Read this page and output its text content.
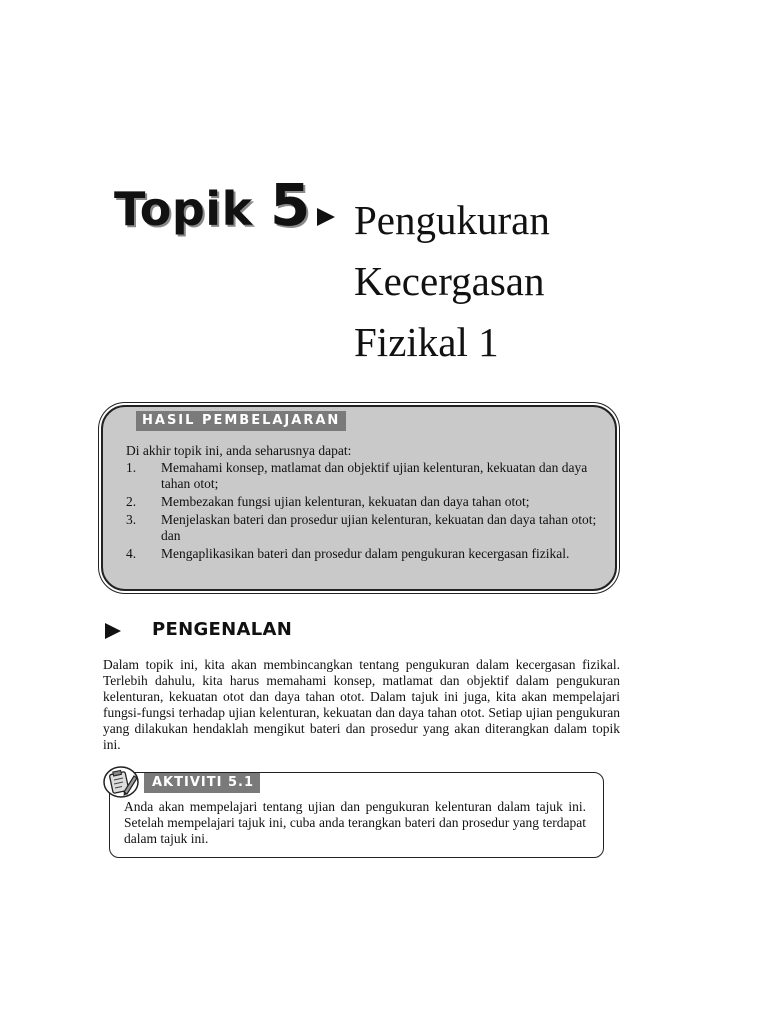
Topik 5 Pengukuran
Kecergasan
Fizikal 1
HASIL PEMBELAJARAN
Di akhir topik ini, anda seharusnya dapat:
1.	Memahami konsep, matlamat dan objektif ujian kelenturan, kekuatan dan daya tahan otot;
2.	Membezakan fungsi ujian kelenturan, kekuatan dan daya tahan otot;
3.	Menjelaskan bateri dan prosedur ujian kelenturan, kekuatan dan daya tahan otot; dan
4.	Mengaplikasikan bateri dan prosedur dalam pengukuran kecergasan fizikal.
PENGENALAN

Dalam topik ini, kita akan membincangkan tentang pengukuran dalam kecergasan fizikal. Terlebih dahulu, kita harus memahami konsep, matlamat dan objektif dalam pengukuran kelenturan, kekuatan otot dan daya tahan otot. Dalam tajuk ini juga, kita akan mempelajari fungsi-fungsi terhadap ujian kelenturan, kekuatan dan daya tahan otot. Setiap ujian pengukuran yang dilakukan hendaklah mengikut bateri dan prosedur yang akan diterangkan dalam topik ini.

AKTIVITI 5.1

Anda akan mempelajari tentang ujian dan pengukuran kelenturan dalam tajuk ini. Setelah mempelajari tajuk ini, cuba anda terangkan bateri dan prosedur yang terdapat dalam tajuk ini.
